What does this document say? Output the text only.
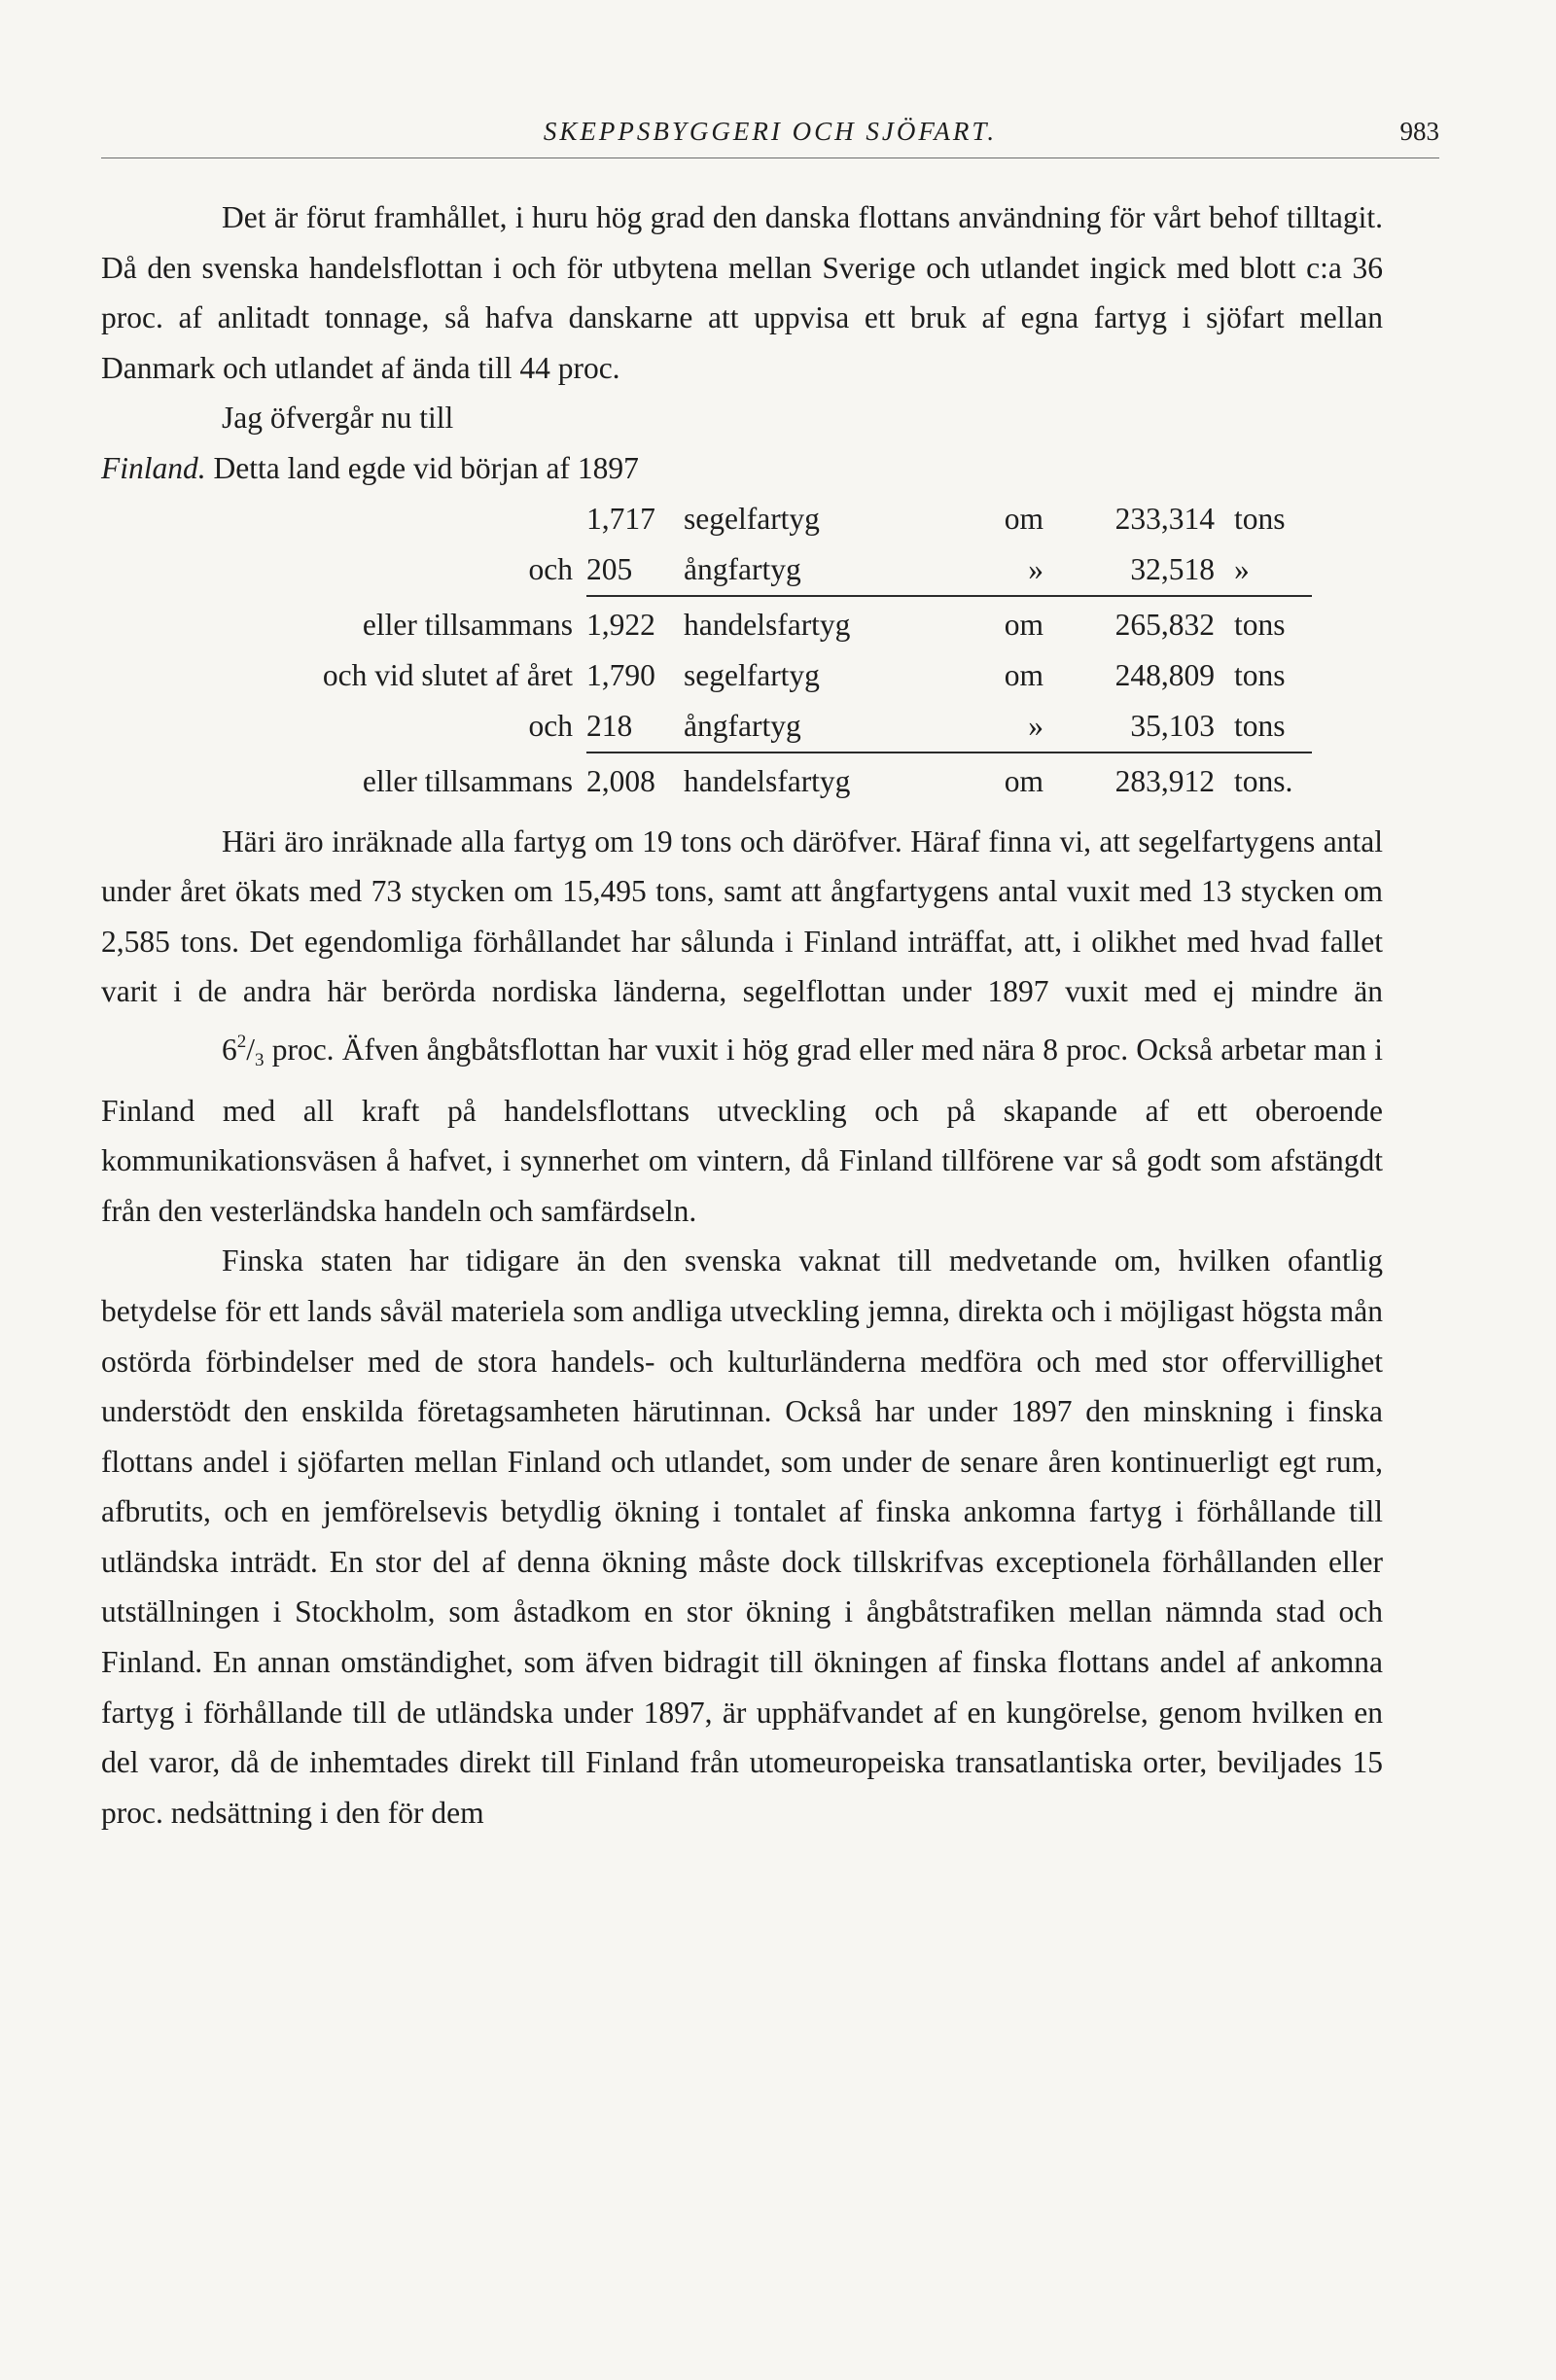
SKEPPSBYGGERI OCH SJÖFART.	983

Det är förut framhållet, i huru hög grad den danska flottans användning för vårt behof tilltagit. Då den svenska handelsflottan i och för utbytena mellan Sverige och utlandet ingick med blott c:a 36 proc. af anlitadt tonnage, så hafva danskarne att uppvisa ett bruk af egna fartyg i sjöfart mellan Danmark och utlandet af ända till 44 proc.

Jag öfvergår nu till

Finland. Detta land egde vid början af 1897

	1,717	segelfartyg	om	233,314	tons
och	205	ångfartyg	»	32,518	»

eller tillsammans	1,922	handelsfartyg	om	265,832	tons
och vid slutet af året	1,790	segelfartyg	om	248,809	tons
och	218	ångfartyg	»	35,103	tons

eller tillsammans	2,008	handelsfartyg	om	283,912	tons.

Häri äro inräknade alla fartyg om 19 tons och däröfver. Häraf finna vi, att segelfartygens antal under året ökats med 73 stycken om 15,495 tons, samt att ångfartygens antal vuxit med 13 stycken om 2,585 tons. Det egendomliga förhållandet har sålunda i Finland inträffat, att, i olikhet med hvad fallet varit i de andra här berörda nordiska länderna, segelflottan under 1897 vuxit med ej mindre än $6^2/_3$ proc. Äfven ångbåtsflottan har vuxit i hög grad eller med nära 8 proc. Också arbetar man i Finland med all kraft på handelsflottans utveckling och på skapande af ett oberoende kommunikationsväsen å hafvet, i synnerhet om vintern, då Finland tillförene var så godt som afstängdt från den vesterländska handeln och samfärdseln.

Finska staten har tidigare än den svenska vaknat till medvetande om, hvilken ofantlig betydelse för ett lands såväl materiela som andliga utveckling jemna, direkta och i möjligast högsta mån ostörda förbindelser med de stora handels- och kulturländerna medföra och med stor offervillighet understödt den enskilda företagsamheten härutinnan. Också har under 1897 den minskning i finska flottans andel i sjöfarten mellan Finland och utlandet, som under de senare åren kontinuerligt egt rum, afbrutits, och en jemförelsevis betydlig ökning i tontalet af finska ankomna fartyg i förhållande till utländska inträdt. En stor del af denna ökning måste dock tillskrifvas exceptionela förhållanden eller utställningen i Stockholm, som åstadkom en stor ökning i ångbåtstrafiken mellan nämnda stad och Finland. En annan omständighet, som äfven bidragit till ökningen af finska flottans andel af ankomna fartyg i förhållande till de utländska under 1897, är upphäfvandet af en kungörelse, genom hvilken en del varor, då de inhemtades direkt till Finland från utomeuropeiska transatlantiska orter, beviljades 15 proc. nedsättning i den för dem
